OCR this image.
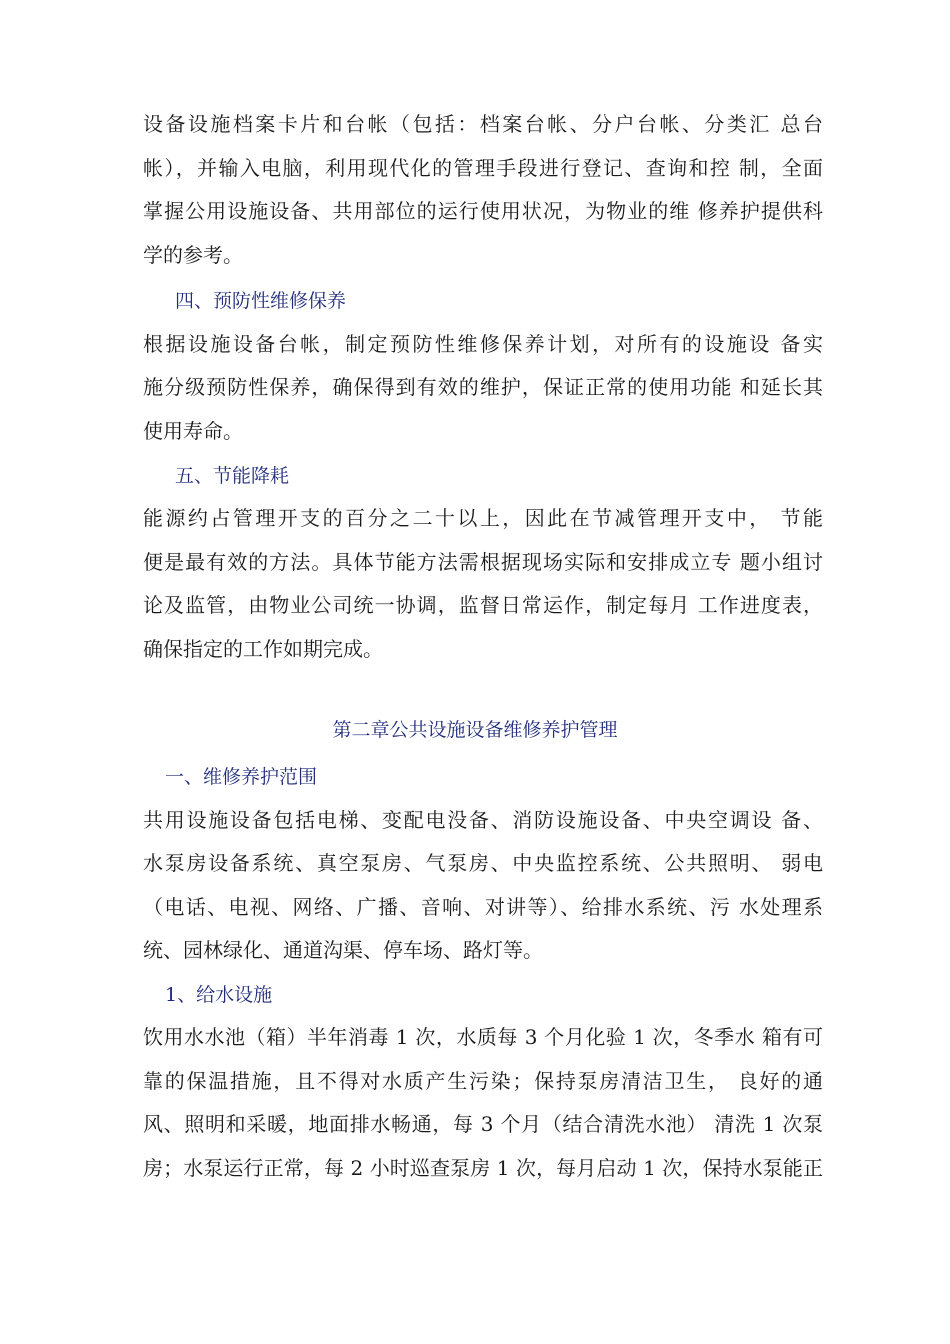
设备设施档案卡片和台帐（包括：档案台帐、分户台帐、分类汇 总台
帐），并输入电脑，利用现代化的管理手段进行登记、查询和控 制，全面
掌握公用设施设备、共用部位的运行使用状况，为物业的维 修养护提供科
学的参考。
四、预防性维修保养
根据设施设备台帐，制定预防性维修保养计划，对所有的设施设 备实
施分级预防性保养，确保得到有效的维护，保证正常的使用功能 和延长其
使用寿命。
五、节能降耗
能源约占管理开支的百分之二十以上，因此在节减管理开支中， 节能
便是最有效的方法。具体节能方法需根据现场实际和安排成立专 题小组讨
论及监管，由物业公司统一协调，监督日常运作，制定每月 工作进度表，
确保指定的工作如期完成。
第二章公共设施设备维修养护管理
一、维修养护范围
共用设施设备包括电梯、变配电没备、消防设施设备、中央空调设 备、
水泵房设备系统、真空泵房、气泵房、中央监控系统、公共照明、 弱电
（电话、电视、网络、广播、音响、对讲等）、给排水系统、污 水处理系
统、园林绿化、通道沟渠、停车场、路灯等。
1、给水设施
饮用水水池（箱）半年消毒 1 次，水质每 3 个月化验 1 次，冬季水 箱有可
靠的保温措施，且不得对水质产生污染；保持泵房清洁卫生， 良好的通
风、照明和采暖，地面排水畅通，每 3 个月（结合清洗水池） 清洗 1 次泵
房；水泵运行正常，每 2 小时巡查泵房 1 次，每月启动 1 次，保持水泵能正
